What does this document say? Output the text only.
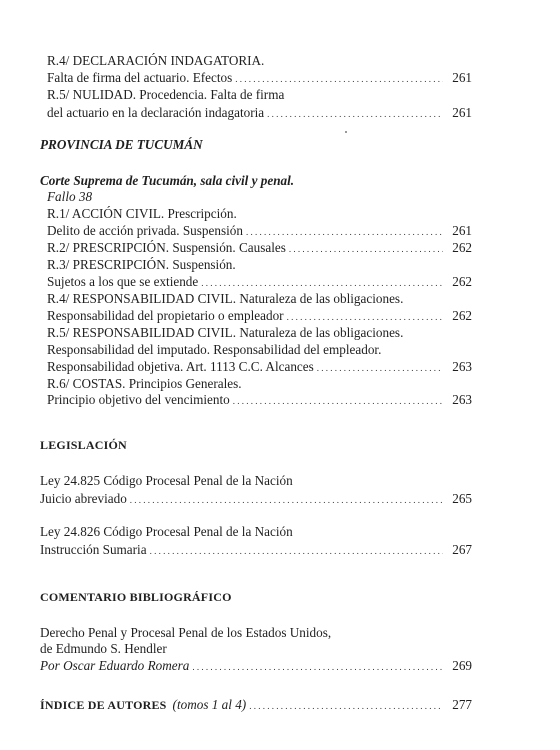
R.4/ DECLARACIÓN INDAGATORIA.
Falta de firma del actuario. Efectos . . .	261
R.5/ NULIDAD. Procedencia. Falta de firma
del actuario en la declaración indagatoria . . .	261
PROVINCIA DE TUCUMÁN
Corte Suprema de Tucumán, sala civil y penal.
Fallo 38
R.1/ ACCIÓN CIVIL. Prescripción.
Delito de acción privada. Suspensión . . .	261
R.2/ PRESCRIPCIÓN. Suspensión. Causales . . .	262
R.3/ PRESCRIPCIÓN. Suspensión.
Sujetos a los que se extiende . . .	262
R.4/ RESPONSABILIDAD CIVIL. Naturaleza de las obligaciones.
Responsabilidad del propietario o empleador . . .	262
R.5/ RESPONSABILIDAD CIVIL. Naturaleza de las obligaciones.
Responsabilidad del imputado. Responsabilidad del empleador.
Responsabilidad objetiva. Art. 1113 C.C. Alcances . . .	263
R.6/ COSTAS. Principios Generales.
Principio objetivo del vencimiento . . .	263
LEGISLACIÓN
Ley 24.825 Código Procesal Penal de la Nación
Juicio abreviado . . .	265
Ley 24.826 Código Procesal Penal de la Nación
Instrucción Sumaria . . .	267
COMENTARIO BIBLIOGRÁFICO
Derecho Penal y Procesal Penal de los Estados Unidos,
de Edmundo S. Hendler
Por Oscar Eduardo Romera . . .	269
ÍNDICE DE AUTORES (tomos 1 al 4) . . .	277
